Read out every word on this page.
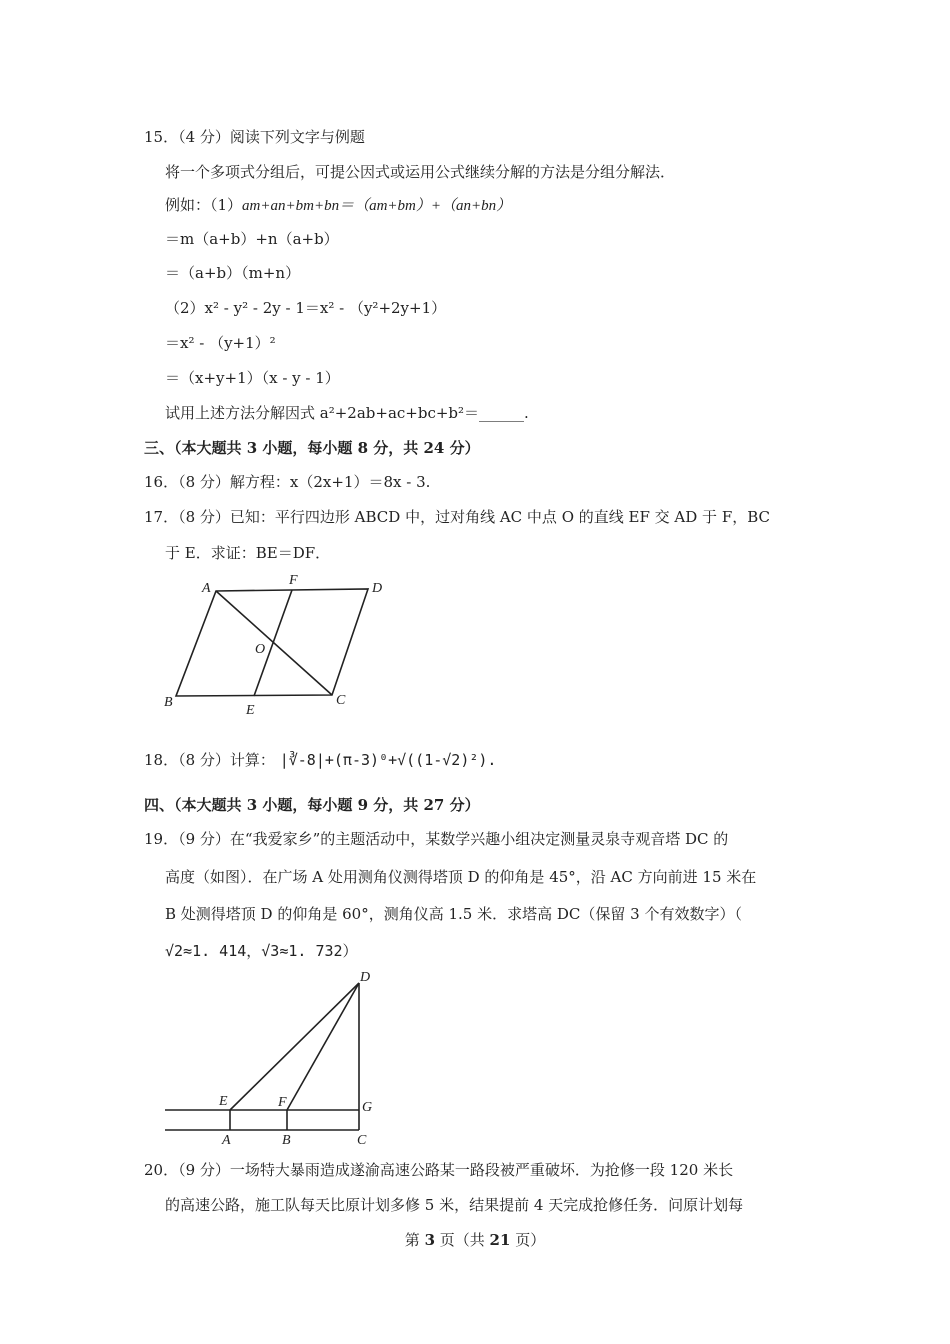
15．（4 分）阅读下列文字与例题
将一个多项式分组后，可提公因式或运用公式继续分解的方法是分组分解法．
例如：（1）am+an+bm+bn＝（am+bm）+（an+bn）
＝m（a+b）+n（a+b）
＝（a+b）（m+n）
（2）x² - y² - 2y - 1＝x² - （y²+2y+1）
＝x² - （y+1）²
＝（x+y+1）（x - y - 1）
试用上述方法分解因式 a²+2ab+ac+bc+b²＝______.
三、（本大题共 3 小题，每小题 8 分，共 24 分）
16．（8 分）解方程：x（2x+1）＝8x - 3.
17．（8 分）已知：平行四边形 ABCD 中，过对角线 AC 中点 O 的直线 EF 交 AD 于 F，BC
于 E．求证：BE＝DF．
A
F
D
O
B
E
C
18．（8 分）计算： |∛-8|+(π-3)⁰+√((1-√2)²).
四、（本大题共 3 小题，每小题 9 分，共 27 分）
19．（9 分）在“我爱家乡”的主题活动中，某数学兴趣小组决定测量灵泉寺观音塔 DC 的
高度（如图）．在广场 A 处用测角仪测得塔顶 D 的仰角是 45°，沿 AC 方向前进 15 米在
B 处测得塔顶 D 的仰角是 60°，测角仪高 1.5 米．求塔高 DC（保留 3 个有效数字）（
√2≈1. 414，√3≈1. 732）
D
E	F	G
A	B	C
20．（9 分）一场特大暴雨造成遂渝高速公路某一路段被严重破坏．为抢修一段 120 米长
的高速公路，施工队每天比原计划多修 5 米，结果提前 4 天完成抢修任务．问原计划每
第 3 页（共 21 页）
